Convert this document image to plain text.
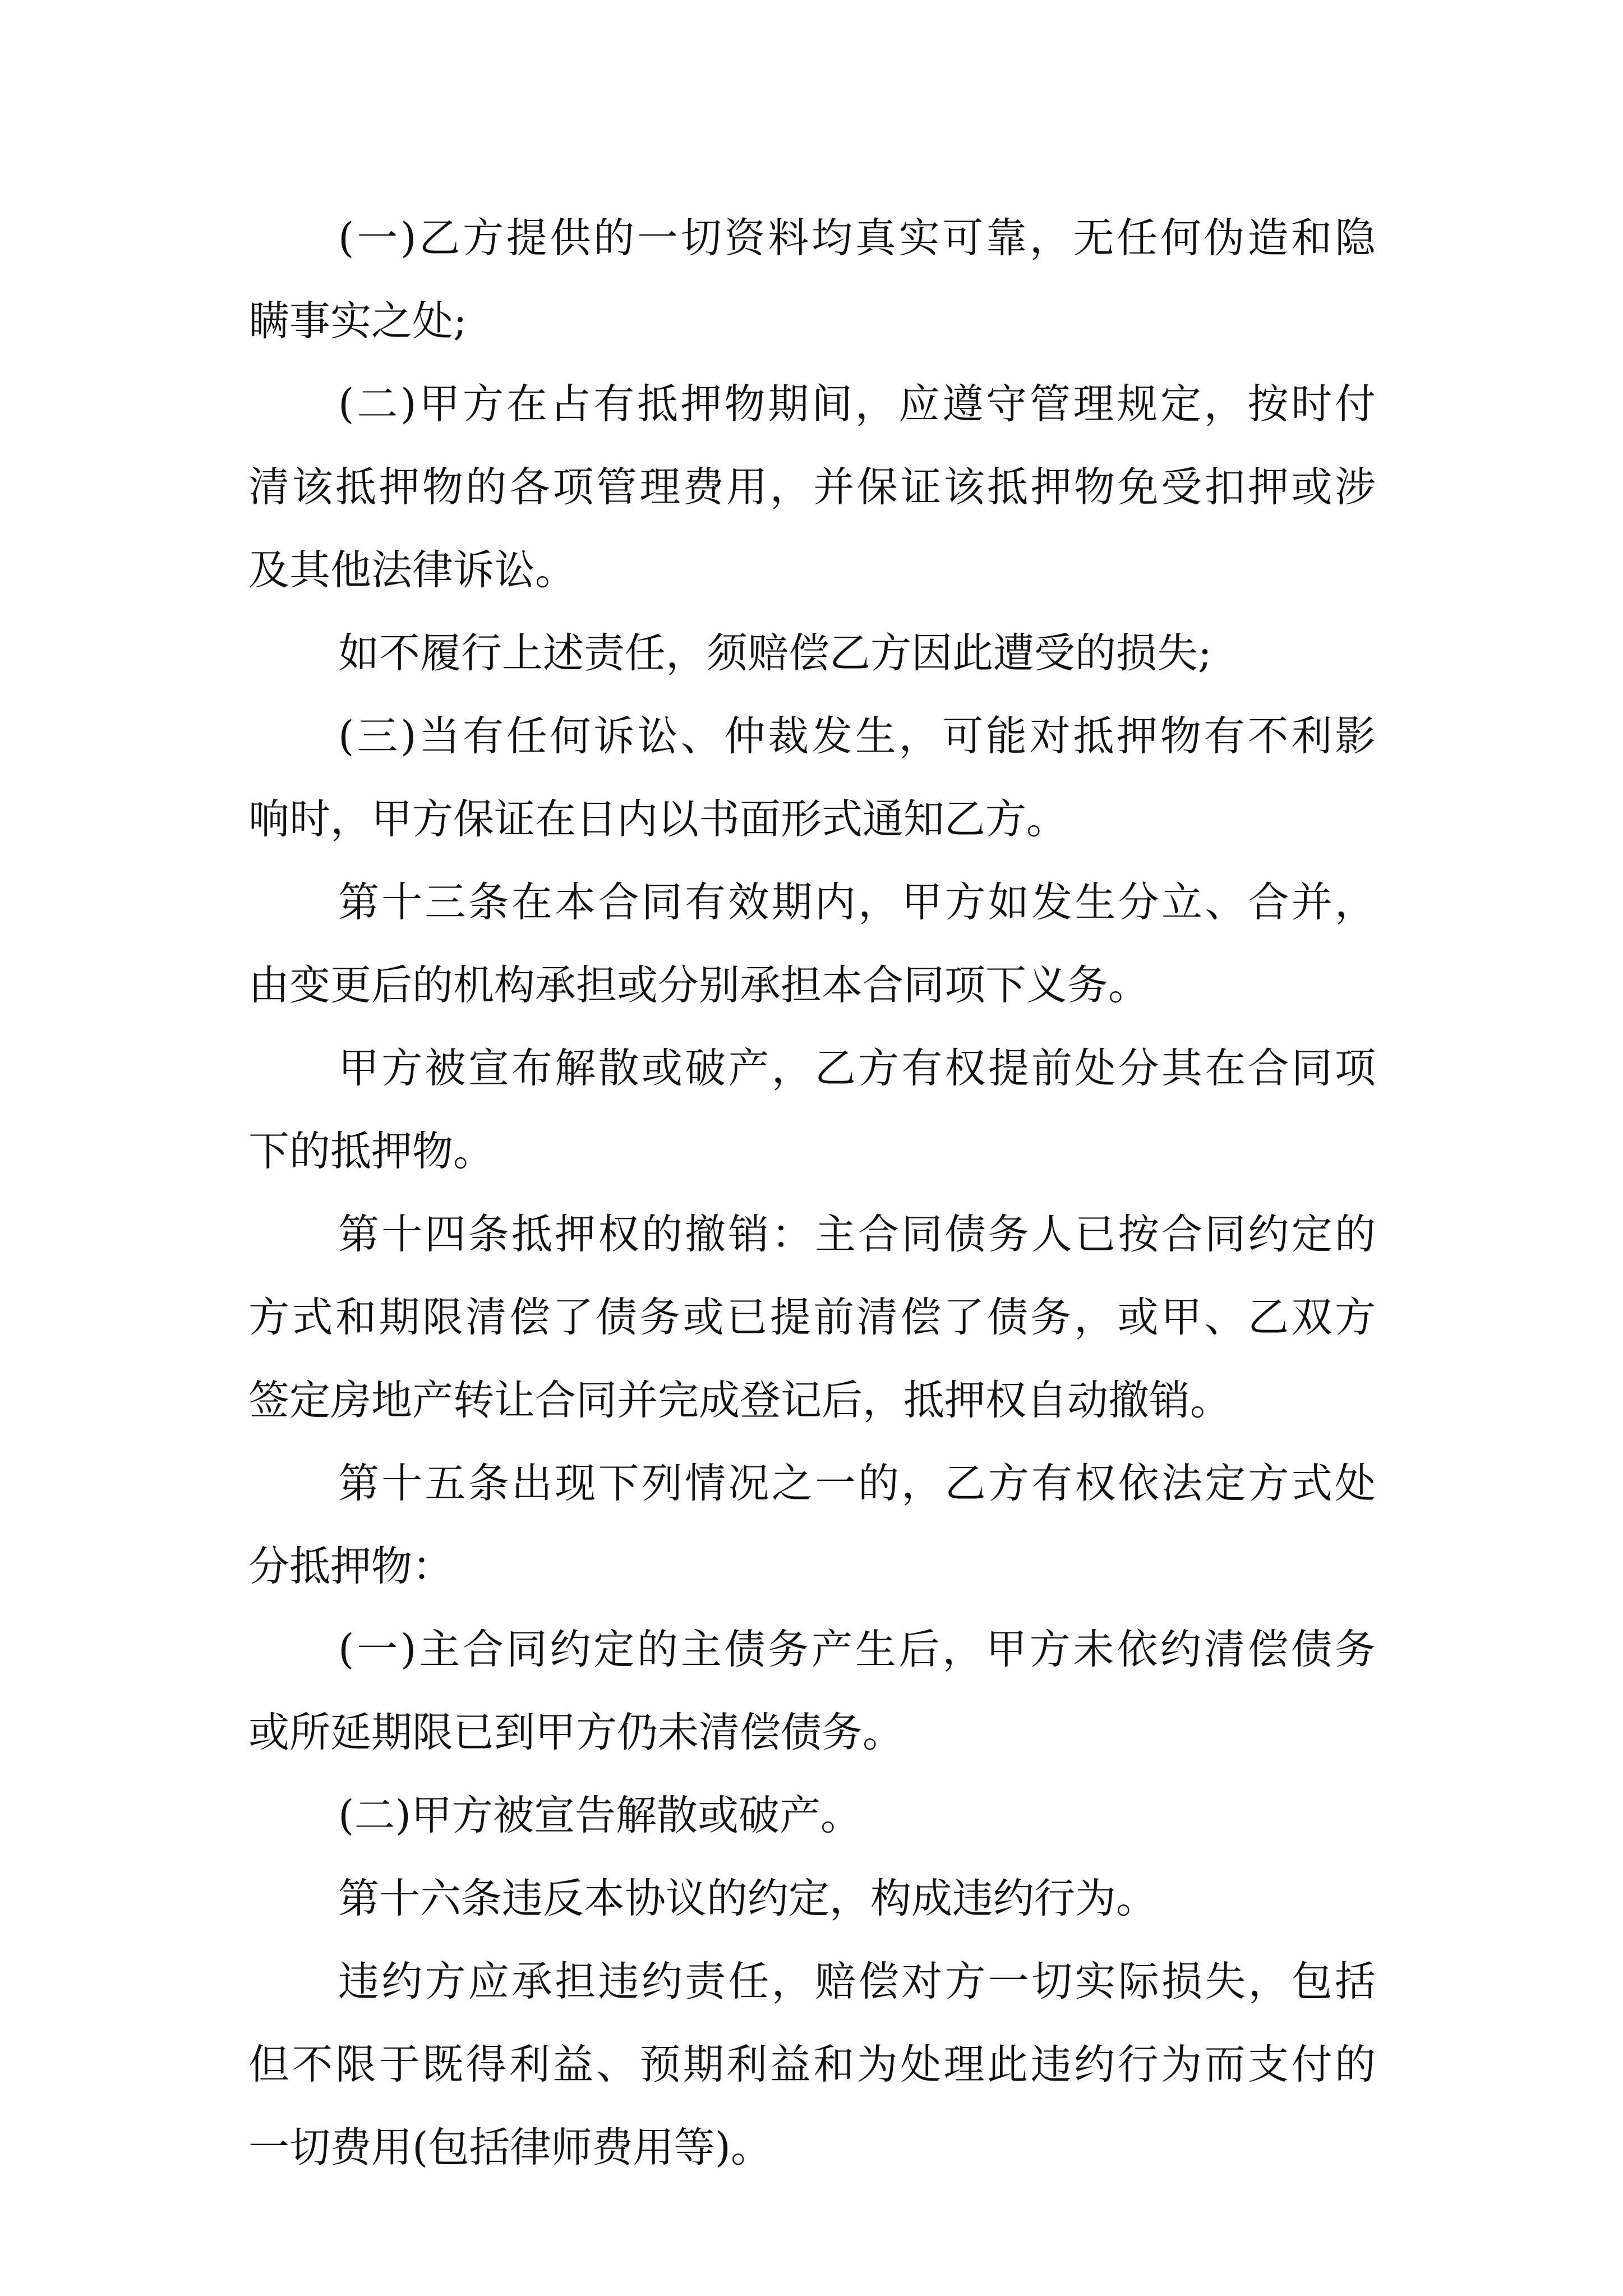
(一)乙方提供的一切资料均真实可靠，无任何伪造和隐
瞒事实之处;
(二)甲方在占有抵押物期间，应遵守管理规定，按时付
清该抵押物的各项管理费用，并保证该抵押物免受扣押或涉
及其他法律诉讼。
如不履行上述责任，须赔偿乙方因此遭受的损失;
(三)当有任何诉讼、仲裁发生，可能对抵押物有不利影
响时，甲方保证在日内以书面形式通知乙方。
第十三条在本合同有效期内，甲方如发生分立、合并，
由变更后的机构承担或分别承担本合同项下义务。
甲方被宣布解散或破产，乙方有权提前处分其在合同项
下的抵押物。
第十四条抵押权的撤销：主合同债务人已按合同约定的
方式和期限清偿了债务或已提前清偿了债务，或甲、乙双方
签定房地产转让合同并完成登记后，抵押权自动撤销。
第十五条出现下列情况之一的，乙方有权依法定方式处
分抵押物：
(一)主合同约定的主债务产生后，甲方未依约清偿债务
或所延期限已到甲方仍未清偿债务。
(二)甲方被宣告解散或破产。
第十六条违反本协议的约定，构成违约行为。
违约方应承担违约责任，赔偿对方一切实际损失，包括
但不限于既得利益、预期利益和为处理此违约行为而支付的
一切费用(包括律师费用等)。
